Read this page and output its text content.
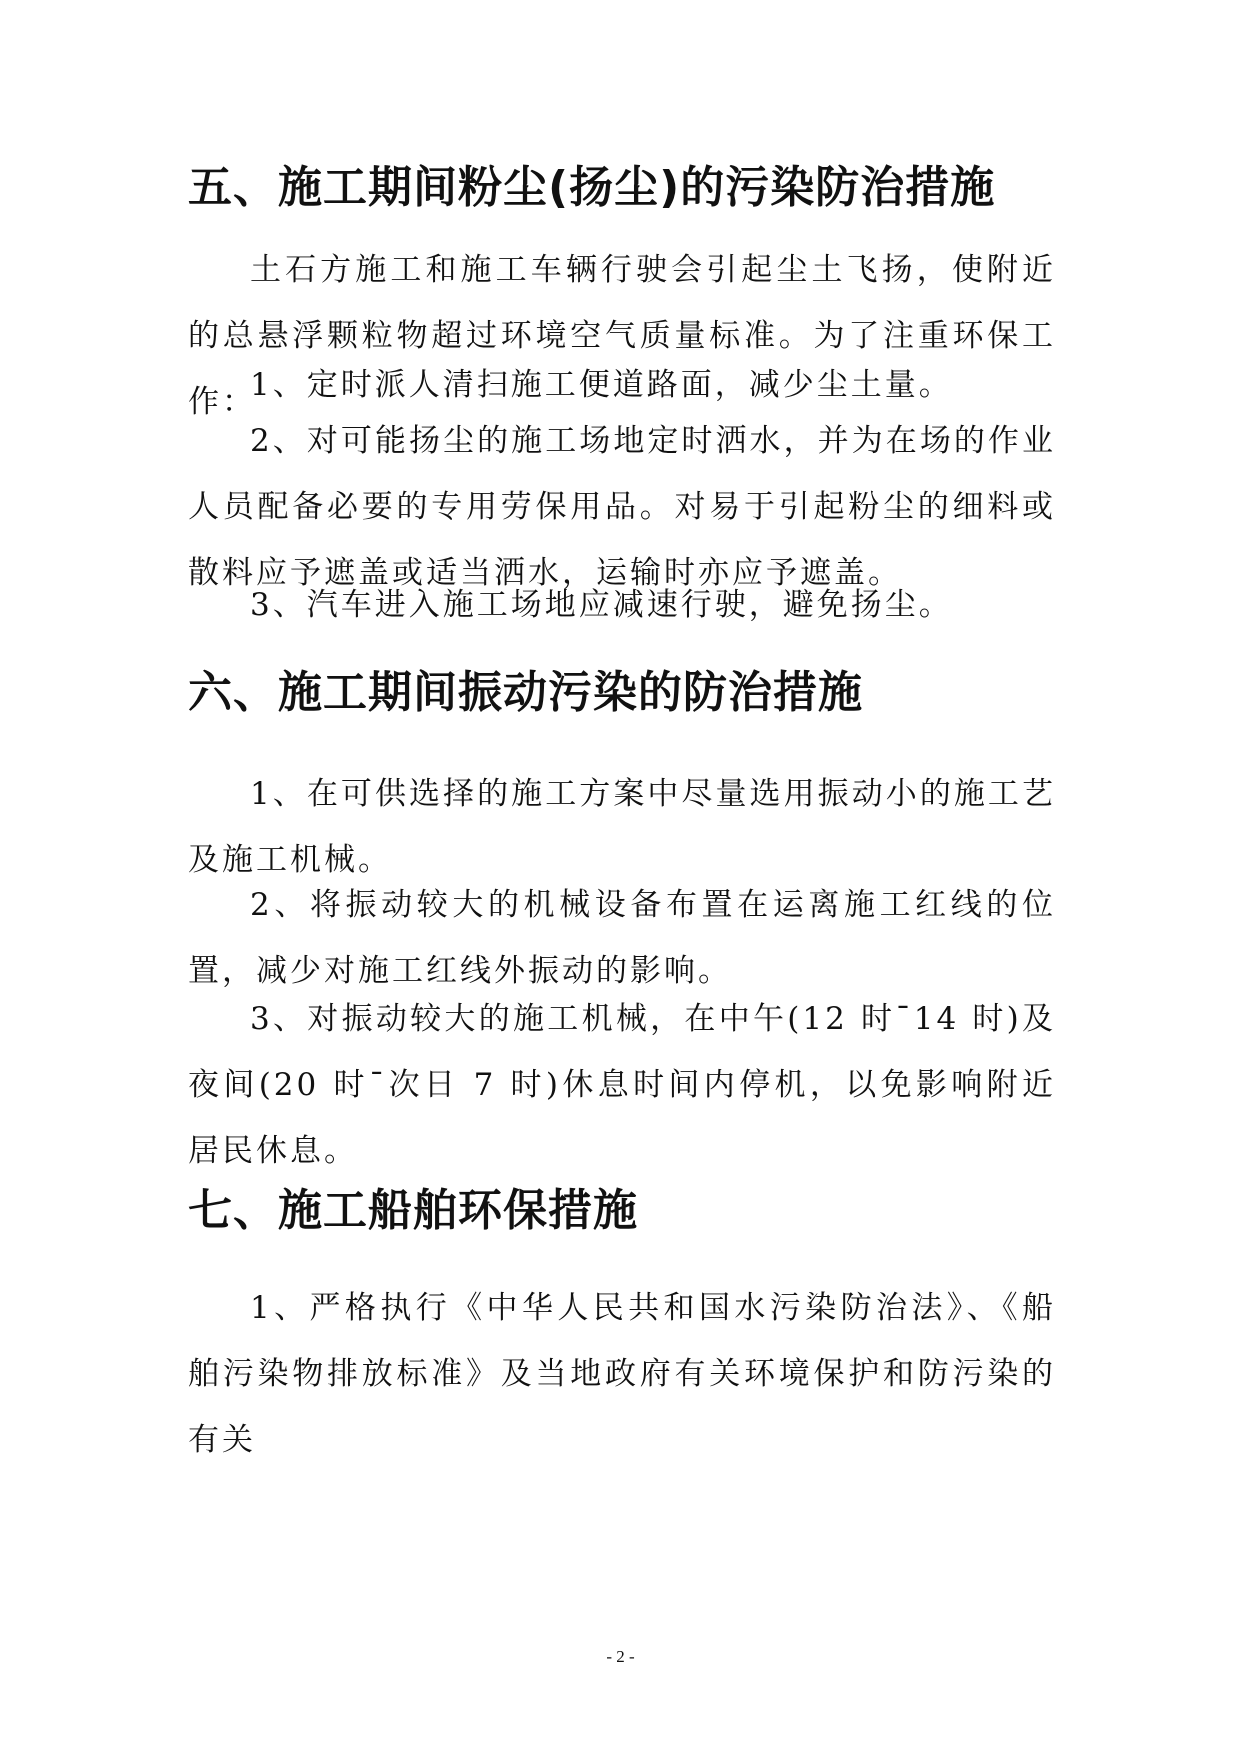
五、施工期间粉尘(扬尘)的污染防治措施
土石方施工和施工车辆行驶会引起尘土飞扬，使附近的总悬浮颗粒物超过环境空气质量标准。为了注重环保工作：
1、定时派人清扫施工便道路面，减少尘土量。
2、对可能扬尘的施工场地定时洒水，并为在场的作业人员配备必要的专用劳保用品。对易于引起粉尘的细料或散料应予遮盖或适当洒水，运输时亦应予遮盖。
3、汽车进入施工场地应减速行驶，避免扬尘。
六、施工期间振动污染的防治措施
1、在可供选择的施工方案中尽量选用振动小的施工艺及施工机械。
2、将振动较大的机械设备布置在运离施工红线的位置，减少对施工红线外振动的影响。
3、对振动较大的施工机械，在中午(12 时¯14 时)及夜间(20 时¯次日 7 时)休息时间内停机，以免影响附近居民休息。
七、施工船舶环保措施
1、严格执行《中华人民共和国水污染防治法》、《船舶污染物排放标准》及当地政府有关环境保护和防污染的有关
- 2 -
